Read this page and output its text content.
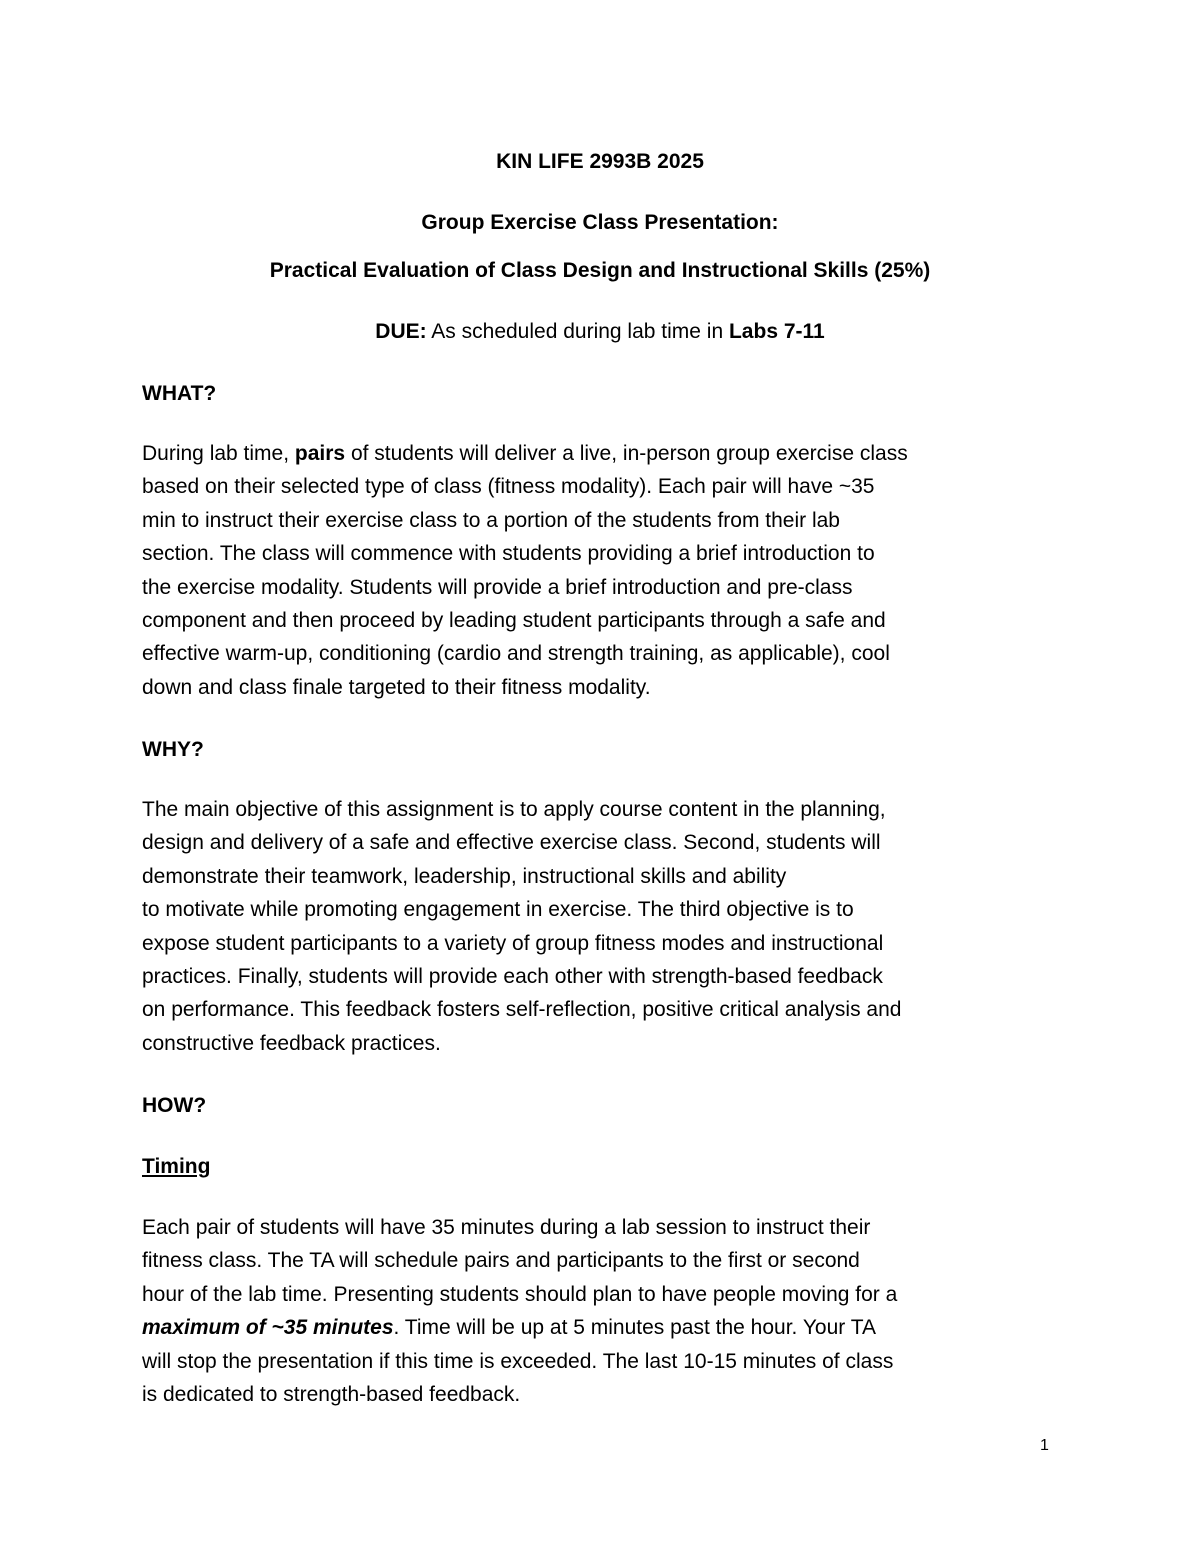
KIN LIFE 2993B 2025
Group Exercise Class Presentation:
Practical Evaluation of Class Design and Instructional Skills (25%)
DUE: As scheduled during lab time in Labs 7-11
WHAT?
During lab time, pairs of students will deliver a live, in-person group exercise class
based on their selected type of class (fitness modality). Each pair will have ~35
min to instruct their exercise class to a portion of the students from their lab
section. The class will commence with students providing a brief introduction to
the exercise modality. Students will provide a brief introduction and pre-class
component and then proceed by leading student participants through a safe and
effective warm-up, conditioning (cardio and strength training, as applicable), cool
down and class finale targeted to their fitness modality.
WHY?
The main objective of this assignment is to apply course content in the planning,
design and delivery of a safe and effective exercise class. Second, students will
demonstrate their teamwork, leadership, instructional skills and ability
to motivate while promoting engagement in exercise. The third objective is to
expose student participants to a variety of group fitness modes and instructional
practices. Finally, students will provide each other with strength-based feedback
on performance. This feedback fosters self-reflection, positive critical analysis and
constructive feedback practices.
HOW?
Timing
Each pair of students will have 35 minutes during a lab session to instruct their
fitness class. The TA will schedule pairs and participants to the first or second
hour of the lab time. Presenting students should plan to have people moving for a
maximum of ~35 minutes. Time will be up at 5 minutes past the hour. Your TA
will stop the presentation if this time is exceeded. The last 10-15 minutes of class
is dedicated to strength-based feedback.
1
